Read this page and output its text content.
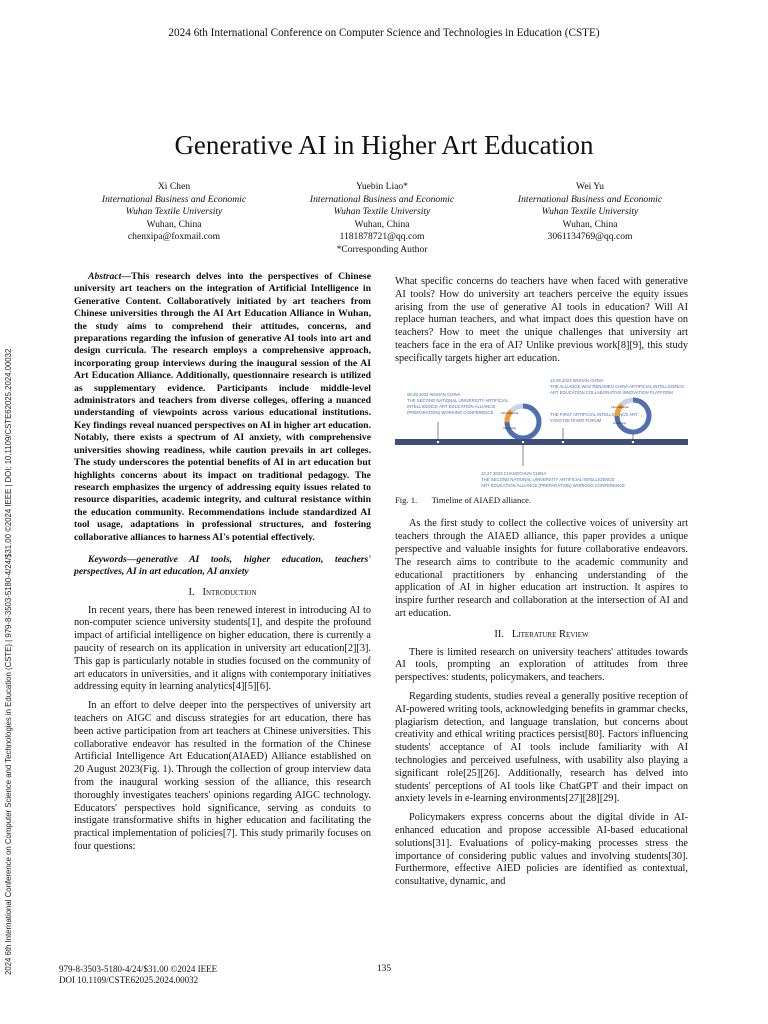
2024 6th International Conference on Computer Science and Technologies in Education (CSTE)
2024 6th International Conference on Computer Science and Technologies in Education (CSTE) | 979-8-3503-5180-4/24/$31.00 ©2024 IEEE | DOI: 10.1109/CSTE62025.2024.00032
Generative AI in Higher Art Education
Xi Chen
International Business and Economic
Wuhan Textile University
Wuhan, China
chenxipa@foxmail.com
Yuebin Liao*
International Business and Economic
Wuhan Textile University
Wuhan, China
1181878721@qq.com
*Corresponding Author
Wei Yu
International Business and Economic
Wuhan Textile University
Wuhan, China
3061134769@qq.com

Abstract—This research delves into the perspectives of Chinese university art teachers on the integration of Artificial Intelligence in Generative Content. Collaboratively initiated by art teachers from Chinese universities through the AI Art Education Alliance in Wuhan, the study aims to comprehend their attitudes, concerns, and preparations regarding the infusion of generative AI tools into art and design curricula. The research employs a comprehensive approach, incorporating group interviews during the inaugural session of the AI Art Education Alliance. Additionally, questionnaire research is utilized as supplementary evidence. Participants include middle-level administrators and teachers from diverse colleges, offering a nuanced understanding of viewpoints across various educational institutions. Key findings reveal nuanced perspectives on AI in higher art education. Notably, there exists a spectrum of AI anxiety, with comprehensive universities showing readiness, while caution prevails in art colleges. The study underscores the potential benefits of AI in art education but highlights concerns about its impact on traditional pedagogy. The research emphasizes the urgency of addressing equity issues related to resource disparities, academic integrity, and cultural resistance within the education community. Recommendations include standardized AI tool usage, adaptations in professional structures, and fostering collaborative alliances to harness AI's potential effectively.

Keywords—generative AI tools, higher education, teachers' perspectives, AI in art education, AI anxiety

I. Introduction

In recent years, there has been renewed interest in introducing AI to non-computer science university students[1], and despite the profound impact of artificial intelligence on higher education, there is currently a paucity of research on its application in university art education[2][3]. This gap is particularly notable in studies focused on the community of art educators in universities, and it aligns with contemporary initiatives addressing equity in learning analytics[4][5][6].

In an effort to delve deeper into the perspectives of university art teachers on AIGC and discuss strategies for art education, there has been active participation from art teachers at Chinese universities. This collaborative endeavor has resulted in the formation of the Chinese Artificial Intelligence Art Education(AIAED) Alliance established on 20 August 2023(Fig. 1). Through the collection of group interview data from the inaugural working session of the alliance, this research thoroughly investigates teachers' opinions regarding AIGC technology. Educators' perspectives hold significance, serving as conduits to instigate transformative shifts in higher education and facilitating the practical implementation of policies[7]. This study primarily focuses on four questions:

What specific concerns do teachers have when faced with generative AI tools? How do university art teachers perceive the equity issues arising from the use of generative AI tools in education? Will AI replace human teachers, and what impact does this question have on teachers? How to meet the unique challenges that university art teachers face in the era of AI? Unlike previous work[8][9], this study specifically targets higher art education.

08.28.2023 WUHAN CHINA
THE SECOND NATIONAL UNIVERSITY ARTIFICIAL
INTELLIGENCE ART EDUCATION ALLIANCE
(PREPARATION) WORKING CONFERENCE
12.09.2023 WUHAN CHINA
THE ALLIANCE WAS RENAMED CHINA ARTIFICIAL INTELLIGENCE
ART EDUCATION COLLABORATIVE INNOVATION PLATFORM
THE FIRST ARTIFICIAL INTELLIGENCE ART
YANGTZE RIVER FORUM
Informational
University
Informational
University
10.27.2023 CHANGCHUN CHINA
THE SECOND NATIONAL UNIVERSITY ARTIFICIAL INTELLIGENCE
ART EDUCATION ALLIANCE (PREPARATION) WORKING CONFERENCE

Fig. 1. Timeline of AIAED alliance.

As the first study to collect the collective voices of university art teachers through the AIAED alliance, this paper provides a unique perspective and valuable insights for future collaborative endeavors. The research aims to contribute to the academic community and educational practitioners by enhancing understanding of the application of AI in higher education art instruction. It aspires to inspire further research and collaboration at the intersection of AI and art education.

II. Literature Review

There is limited research on university teachers' attitudes towards AI tools, prompting an exploration of attitudes from three perspectives: students, policymakers, and teachers.

Regarding students, studies reveal a generally positive reception of AI-powered writing tools, acknowledging benefits in grammar checks, plagiarism detection, and language translation, but concerns about creativity and ethical writing practices persist[80]. Factors influencing students' acceptance of AI tools include familiarity with AI technologies and perceived usefulness, with usability also playing a significant role[25][26]. Additionally, research has delved into students' perceptions of AI tools like ChatGPT and their impact on anxiety levels in e-learning environments[27][28][29].

Policymakers express concerns about the digital divide in AI-enhanced education and propose accessible AI-based educational solutions[31]. Evaluations of policy-making processes stress the importance of considering public values and involving students[30]. Furthermore, effective AIED policies are identified as contextual, consultative, dynamic, and

979-8-3503-5180-4/24/$31.00 ©2024 IEEE
DOI 10.1109/CSTE62025.2024.00032
135
